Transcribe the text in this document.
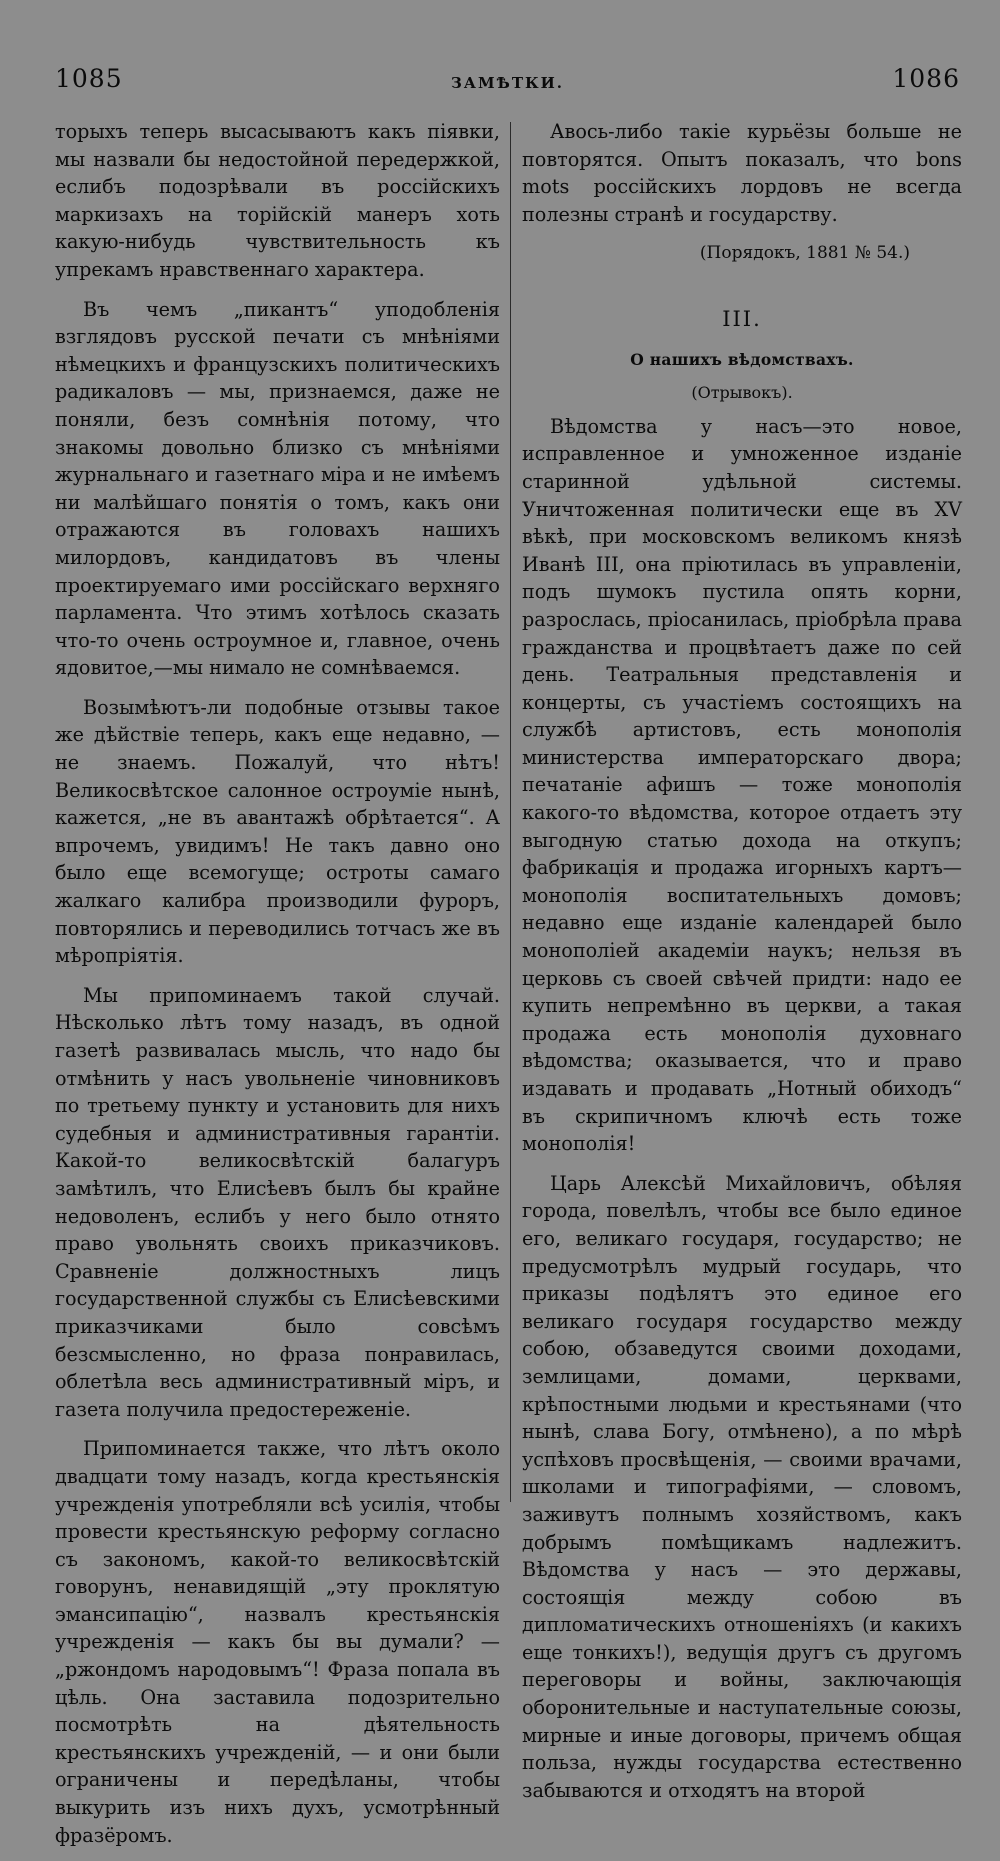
1085	ЗАМѢТКИ.	1086

торыхъ теперь высасываютъ какъ піявки, мы назвали бы недостойной передержкой, еслибъ подозрѣвали въ россійскихъ маркизахъ на торійскій манеръ хоть какую-нибудь чувствительность къ упрекамъ нравственнаго характера.

Въ чемъ „пикантъ“ уподобленія взглядовъ русской печати съ мнѣніями нѣмецкихъ и французскихъ политическихъ радикаловъ — мы, признаемся, даже не поняли, безъ сомнѣнія потому, что знакомы довольно близко съ мнѣніями журнальнаго и газетнаго міра и не имѣемъ ни малѣйшаго понятія о томъ, какъ они отражаются въ головахъ нашихъ милордовъ, кандидатовъ въ члены проектируемаго ими россійскаго верхняго парламента. Что этимъ хотѣлось сказать что-то очень остроумное и, главное, очень ядовитое,—мы нимало не сомнѣваемся.

Возымѣютъ-ли подобные отзывы такое же дѣйствіе теперь, какъ еще недавно, — не знаемъ. Пожалуй, что нѣтъ! Великосвѣтское салонное остроуміе нынѣ, кажется, „не въ авантажѣ обрѣтается“. А впрочемъ, увидимъ! Не такъ давно оно было еще всемогуще; остроты самаго жалкаго калибра производили фуроръ, повторялись и переводились тотчасъ же въ мѣропріятія.

Мы припоминаемъ такой случай. Нѣсколько лѣтъ тому назадъ, въ одной газетѣ развивалась мысль, что надо бы отмѣнить у насъ увольненіе чиновниковъ по третьему пункту и установить для нихъ судебныя и административныя гарантіи. Какой-то великосвѣтскій балагуръ замѣтилъ, что Елисѣевъ былъ бы крайне недоволенъ, еслибъ у него было отнято право увольнять своихъ приказчиковъ. Сравненіе должностныхъ лицъ государственной службы съ Елисѣевскими приказчиками было совсѣмъ безсмысленно, но фраза понравилась, облетѣла весь административный міръ, и газета получила предостереженіе.

Припоминается также, что лѣтъ около двадцати тому назадъ, когда крестьянскія учрежденія употребляли всѣ усилія, чтобы провести крестьянскую реформу согласно съ закономъ, какой-то великосвѣтскій говорунъ, ненавидящій „эту проклятую эмансипацію“, назвалъ крестьянскія учрежденія — какъ бы вы думали? — „ржондомъ народовымъ“! Фраза попала въ цѣль. Она заставила подозрительно посмотрѣть на дѣятельность крестьянскихъ учрежденій, — и они были ограничены и передѣланы, чтобы выкурить изъ нихъ духъ, усмотрѣнный фразёромъ.

Авось-либо такіе курьёзы больше не повторятся. Опытъ показалъ, что bons mots россійскихъ лордовъ не всегда полезны странѣ и государству.

(Порядокъ, 1881 № 54.)
III.
О нашихъ вѣдомствахъ.
(Отрывокъ).

Вѣдомства у насъ—это новое, исправленное и умноженное изданіе старинной удѣльной системы. Уничтоженная политически еще въ XV вѣкѣ, при московскомъ великомъ князѣ Иванѣ III, она пріютилась въ управленіи, подъ шумокъ пустила опять корни, разрослась, пріосанилась, пріобрѣла права гражданства и процвѣтаетъ даже по сей день. Театральныя представленія и концерты, съ участіемъ состоящихъ на службѣ артистовъ, есть монополія министерства императорскаго двора; печатаніе афишъ — тоже монополія какого-то вѣдомства, которое отдаетъ эту выгодную статью дохода на откупъ; фабрикація и продажа игорныхъ картъ—монополія воспитательныхъ домовъ; недавно еще изданіе календарей было монополіей академіи наукъ; нельзя въ церковь съ своей свѣчей придти: надо ее купить непремѣнно въ церкви, а такая продажа есть монополія духовнаго вѣдомства; оказывается, что и право издавать и продавать „Нотный обиходъ“ въ скрипичномъ ключѣ есть тоже монополія!

Царь Алексѣй Михайловичъ, обѣляя города, повелѣлъ, чтобы все было единое его, великаго государя, государство; не предусмотрѣлъ мудрый государь, что приказы подѣлятъ это единое его великаго государя государство между собою, обзаведутся своими доходами, землицами, домами, церквами, крѣпостными людьми и крестьянами (что нынѣ, слава Богу, отмѣнено), а по мѣрѣ успѣховъ просвѣщенія, — своими врачами, школами и типографіями, — словомъ, заживутъ полнымъ хозяйствомъ, какъ добрымъ помѣщикамъ надлежитъ. Вѣдомства у насъ — это державы, состоящія между собою въ дипломатическихъ отношеніяхъ (и какихъ еще тонкихъ!), ведущія другъ съ другомъ переговоры и войны, заключающія оборонительные и наступательные союзы, мирные и иные договоры, причемъ общая польза, нужды государства естественно забываются и отходятъ на второй
